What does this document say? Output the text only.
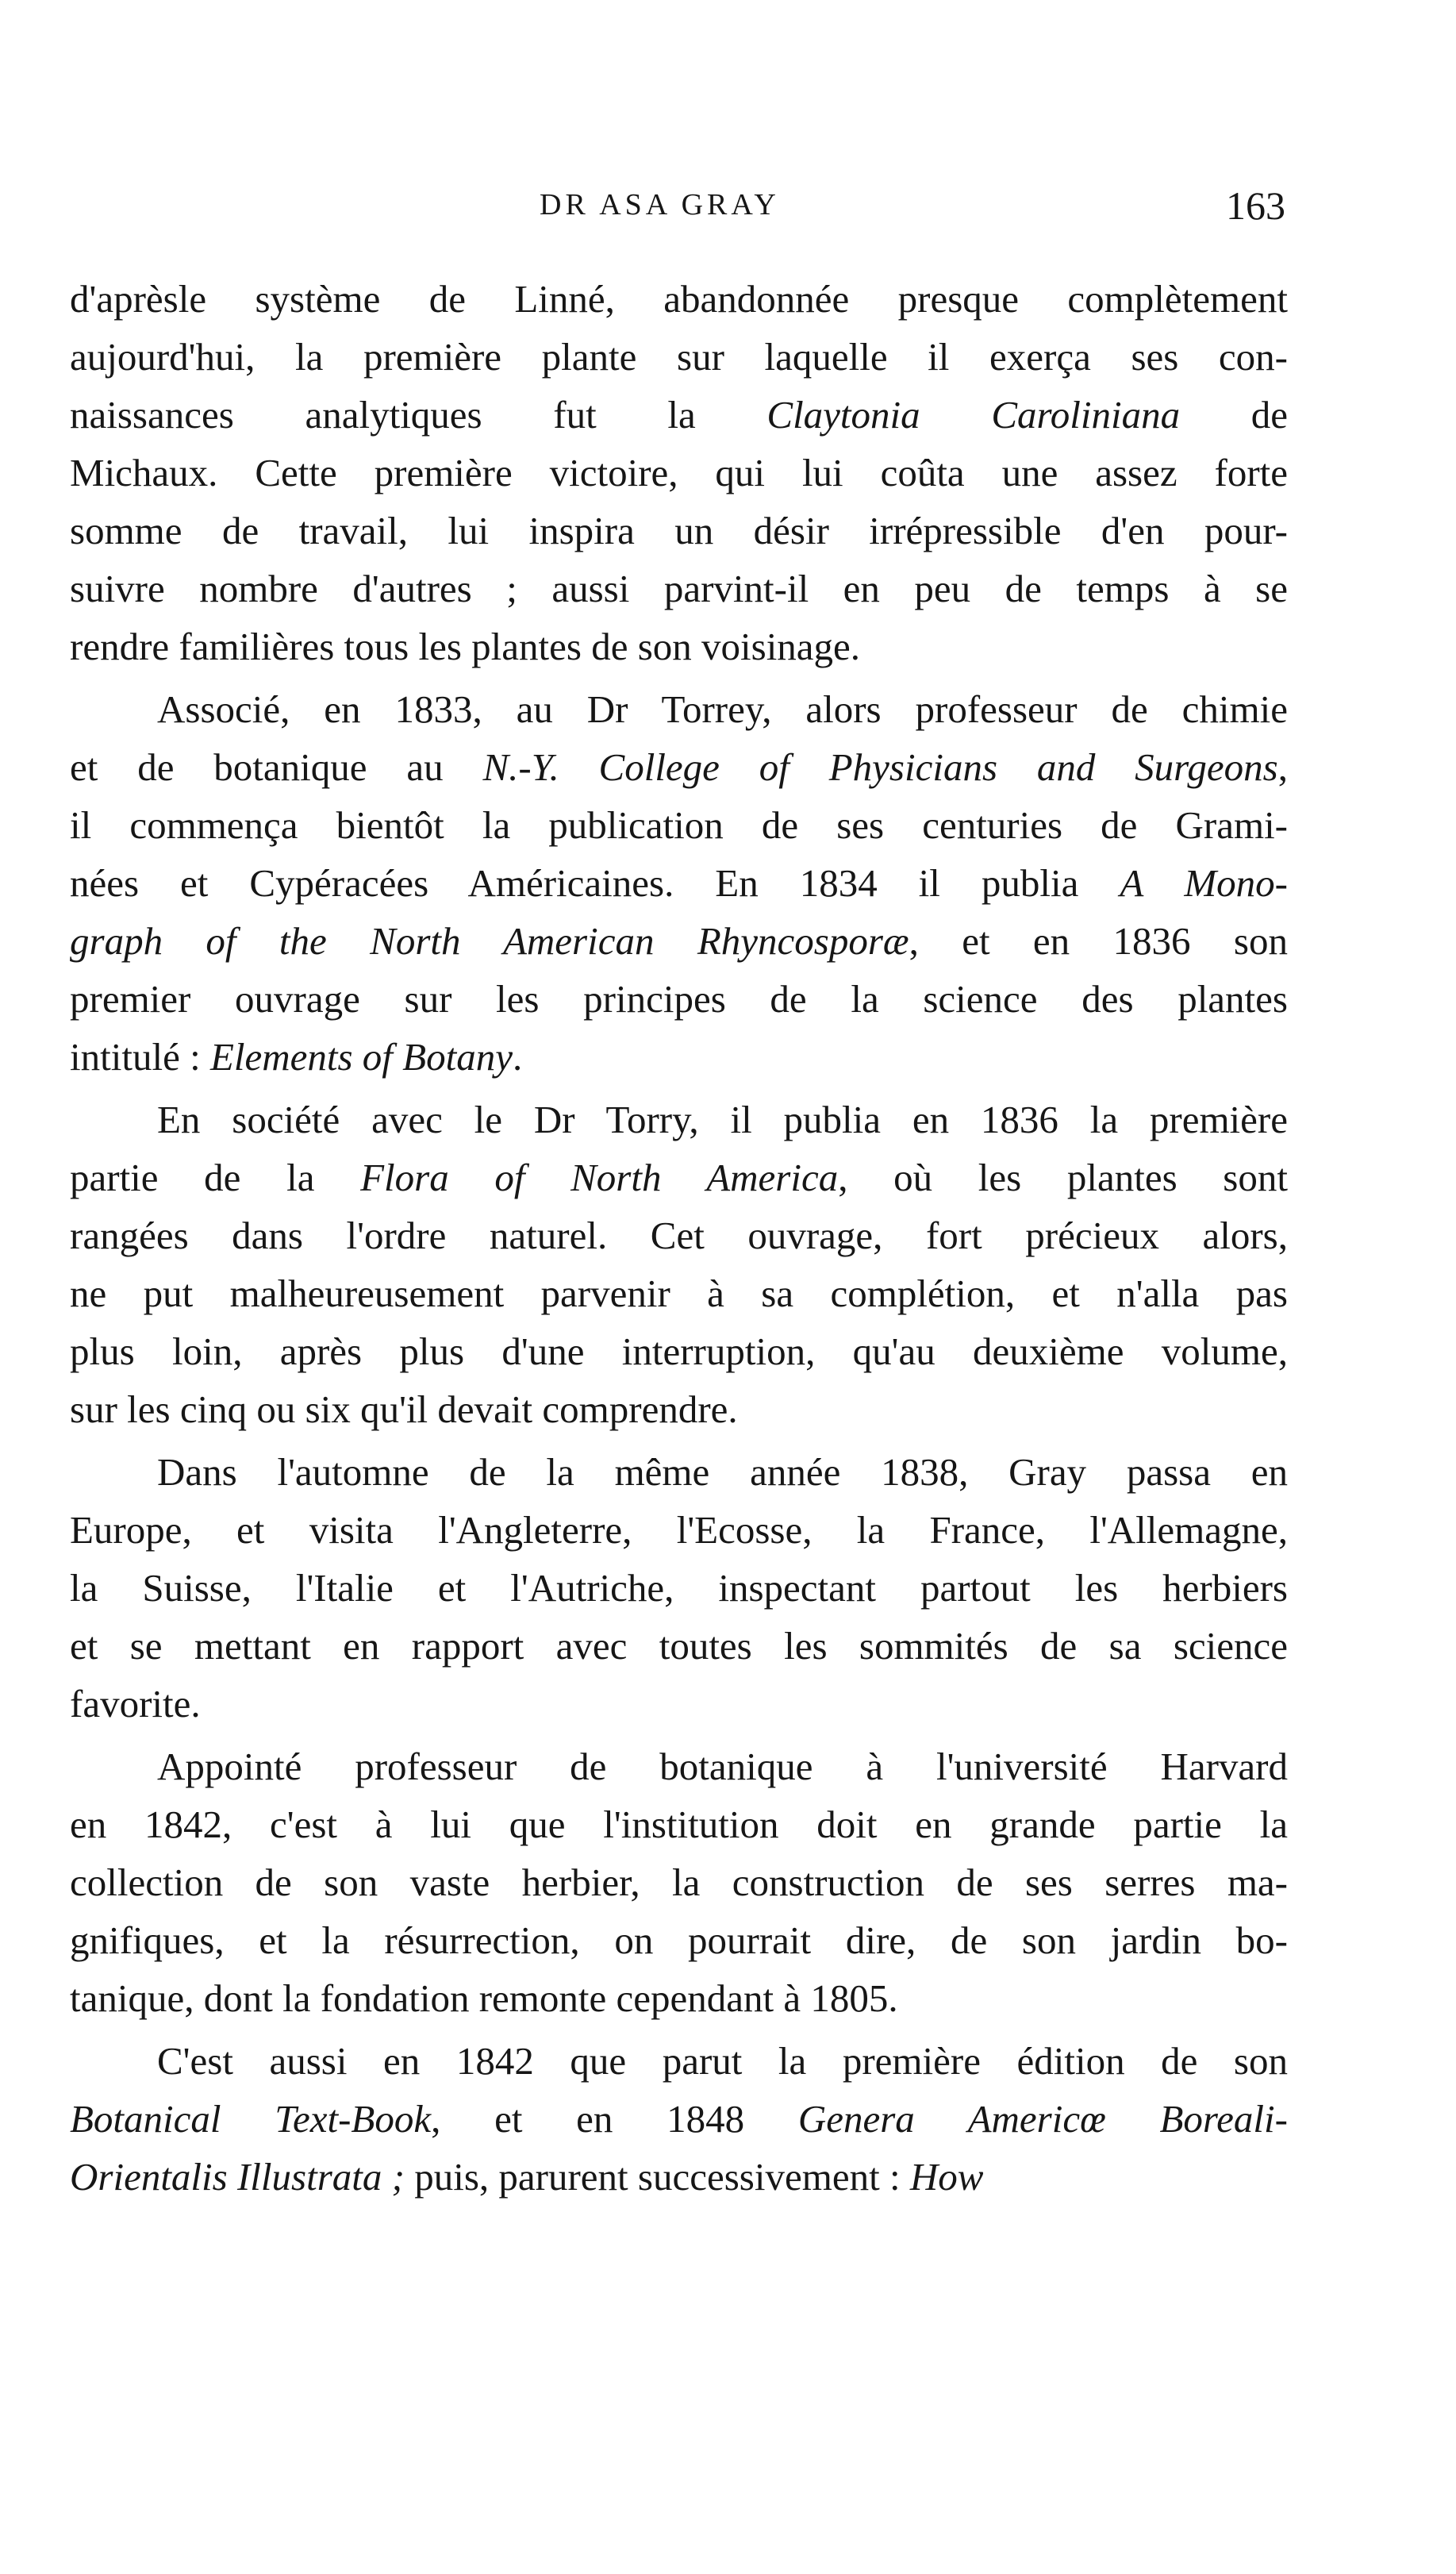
DR ASA GRAY	163
d'aprèsle système de Linné, abandonnée presque complètement
aujourd'hui, la première plante sur laquelle il exerça ses con-
naissances analytiques fut la Claytonia Caroliniana de
Michaux. Cette première victoire, qui lui coûta une assez forte
somme de travail, lui inspira un désir irrépressible d'en pour-
suivre nombre d'autres ; aussi parvint-il en peu de temps à se
rendre familières tous les plantes de son voisinage.
Associé, en 1833, au Dr Torrey, alors professeur de chimie
et de botanique au N.-Y. College of Physicians and Surgeons,
il commença bientôt la publication de ses centuries de Grami-
nées et Cypéracées Américaines. En 1834 il publia A Mono-
graph of the North American Rhyncosporæ, et en 1836 son
premier ouvrage sur les principes de la science des plantes
intitulé : Elements of Botany.
En société avec le Dr Torry, il publia en 1836 la première
partie de la Flora of North America, où les plantes sont
rangées dans l'ordre naturel. Cet ouvrage, fort précieux alors,
ne put malheureusement parvenir à sa complétion, et n'alla pas
plus loin, après plus d'une interruption, qu'au deuxième volume,
sur les cinq ou six qu'il devait comprendre.
Dans l'automne de la même année 1838, Gray passa en
Europe, et visita l'Angleterre, l'Ecosse, la France, l'Allemagne,
la Suisse, l'Italie et l'Autriche, inspectant partout les herbiers
et se mettant en rapport avec toutes les sommités de sa science
favorite.
Appointé professeur de botanique à l'université Harvard
en 1842, c'est à lui que l'institution doit en grande partie la
collection de son vaste herbier, la construction de ses serres ma-
gnifiques, et la résurrection, on pourrait dire, de son jardin bo-
tanique, dont la fondation remonte cependant à 1805.
C'est aussi en 1842 que parut la première édition de son
Botanical Text-Book, et en 1848 Genera Americœ Boreali-
Orientalis Illustrata ; puis, parurent successivement : How
